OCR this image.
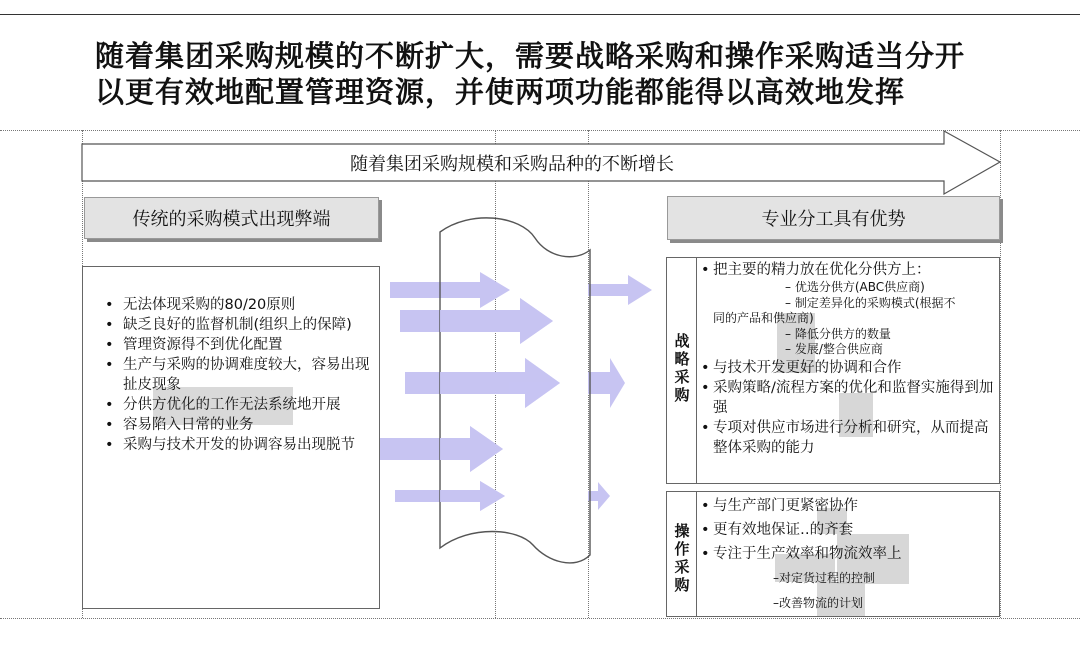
随着集团采购规模的不断扩大，需要战略采购和操作采购适当分开
以更有效地配置管理资源，并使两项功能都能得以高效地发挥
随着集团采购规模和采购品种的不断增长
传统的采购模式出现弊端
• 无法体现采购的80/20原则
• 缺乏良好的监督机制(组织上的保障)
• 管理资源得不到优化配置
• 生产与采购的协调难度较大，容易出现扯皮现象
• 分供方优化的工作无法系统地开展
• 容易陷入日常的业务
• 采购与技术开发的协调容易出现脱节
专业分工具有优势
战略采购
• 把主要的精力放在优化分供方上：
– 优选分供方(ABC供应商)
– 制定差异化的采购模式(根据不
同的产品和供应商)
– 降低分供方的数量
– 发展/整合供应商
• 与技术开发更好的协调和合作
• 采购策略/流程方案的优化和监督实施得到加强
• 专项对供应市场进行分析和研究，从而提高整体采购的能力
操作采购
• 与生产部门更紧密协作
• 更有效地保证‥的齐套
• 专注于生产效率和物流效率上
–对定货过程的控制
–改善物流的计划
